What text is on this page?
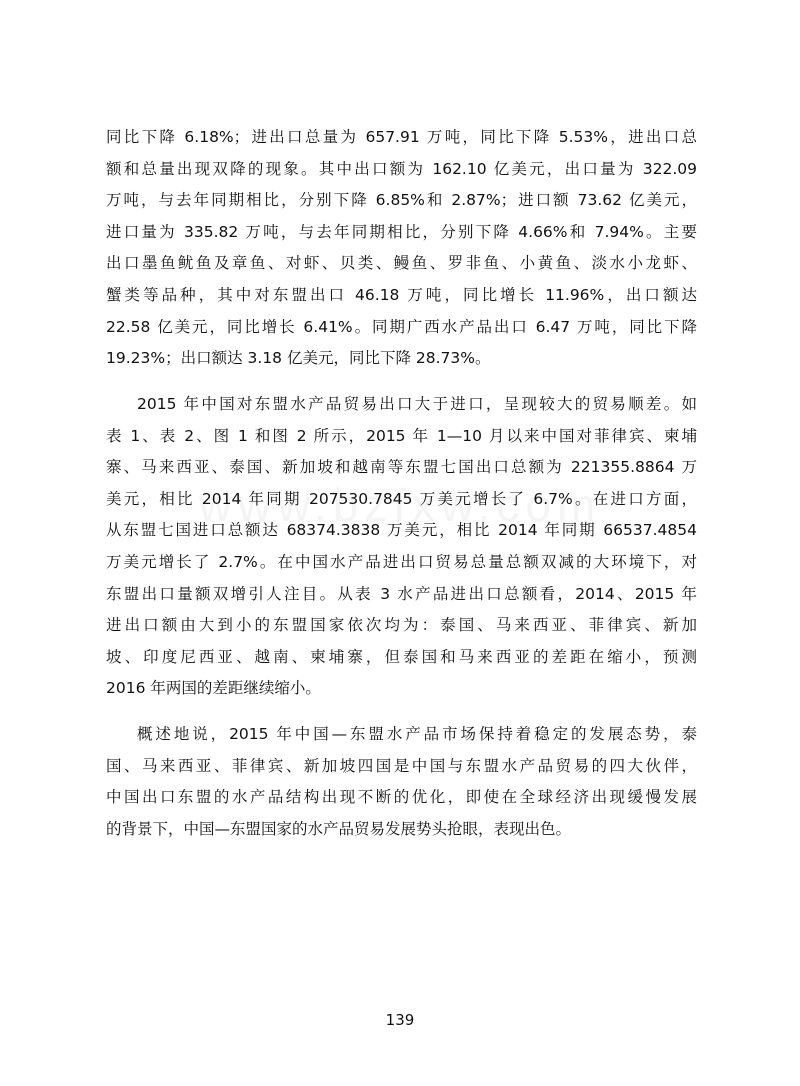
同比下降 6.18%；进出口总量为 657.91 万吨，同比下降 5.53%，进出口总
额和总量出现双降的现象。其中出口额为 162.10 亿美元，出口量为 322.09
万吨，与去年同期相比，分别下降 6.85%和 2.87%；进口额 73.62 亿美元，
进口量为 335.82 万吨，与去年同期相比，分别下降 4.66%和 7.94%。主要
出口墨鱼鱿鱼及章鱼、对虾、贝类、鳗鱼、罗非鱼、小黄鱼、淡水小龙虾、
蟹类等品种，其中对东盟出口 46.18 万吨，同比增长 11.96%，出口额达
22.58 亿美元，同比增长 6.41%。同期广西水产品出口 6.47 万吨，同比下降
19.23%；出口额达 3.18 亿美元，同比下降 28.73%。
2015 年中国对东盟水产品贸易出口大于进口，呈现较大的贸易顺差。如
表 1、表 2、图 1 和图 2 所示，2015 年 1—10 月以来中国对菲律宾、柬埔
寨、马来西亚、泰国、新加坡和越南等东盟七国出口总额为 221355.8864 万
美元，相比 2014 年同期 207530.7845 万美元增长了 6.7%。在进口方面，
从东盟七国进口总额达 68374.3838 万美元，相比 2014 年同期 66537.4854
万美元增长了 2.7%。在中国水产品进出口贸易总量总额双减的大环境下，对
东盟出口量额双增引人注目。从表 3 水产品进出口总额看，2014、2015 年
进出口额由大到小的东盟国家依次均为：泰国、马来西亚、菲律宾、新加
坡、印度尼西亚、越南、柬埔寨，但泰国和马来西亚的差距在缩小，预测
2016 年两国的差距继续缩小。
概述地说，2015 年中国—东盟水产品市场保持着稳定的发展态势，泰
国、马来西亚、菲律宾、新加坡四国是中国与东盟水产品贸易的四大伙伴，
中国出口东盟的水产品结构出现不断的优化，即使在全球经济出现缓慢发展
的背景下，中国—东盟国家的水产品贸易发展势头抢眼，表现出色。
139
